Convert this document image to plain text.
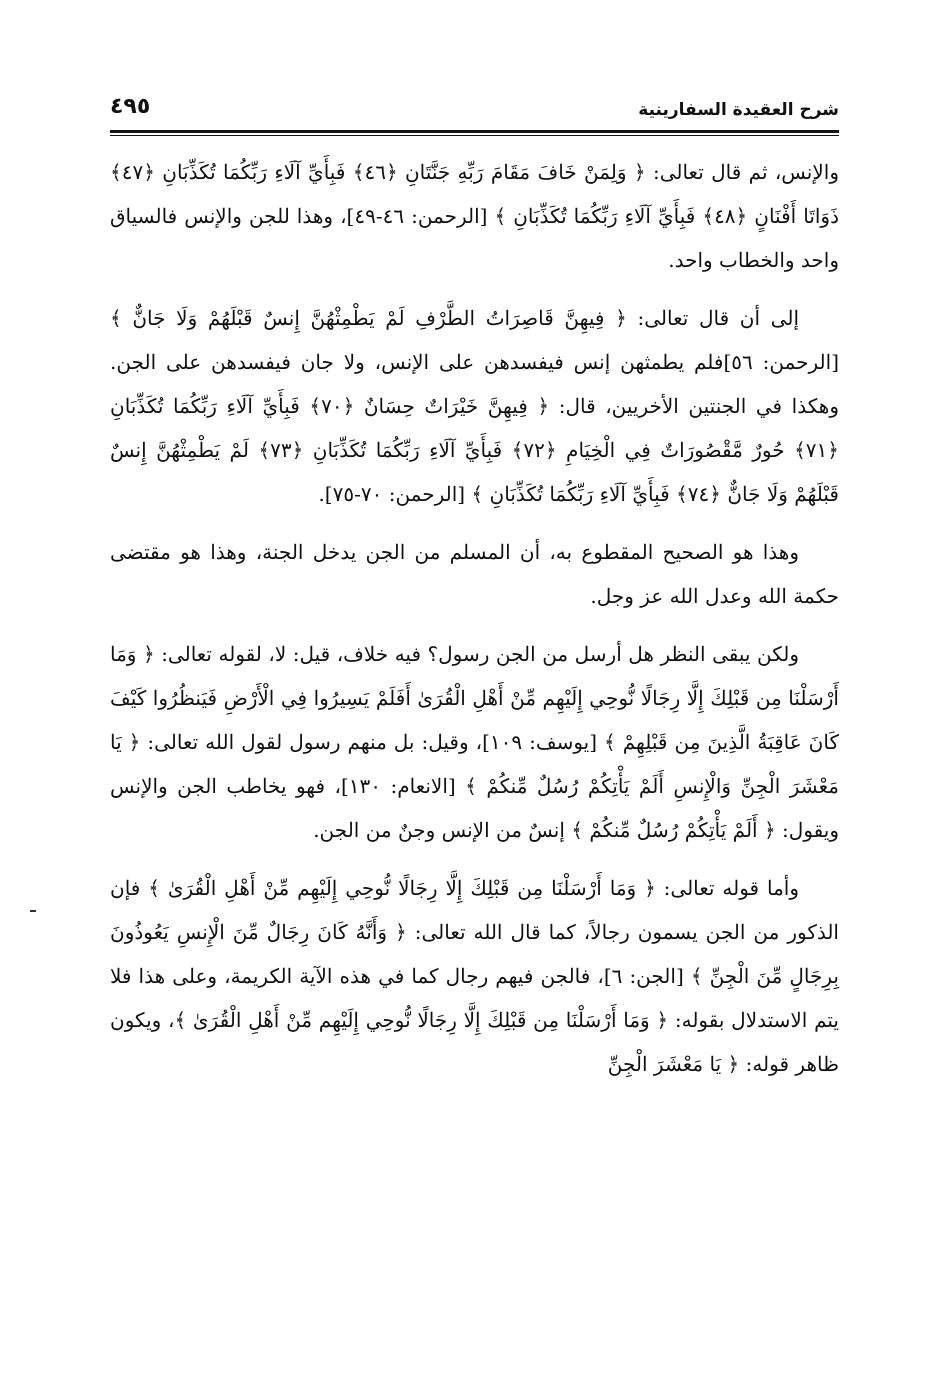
شرح العقيدة السفارينية
٤٩٥

والإنس، ثم قال تعالى: ﴿ وَلِمَنْ خَافَ مَقَامَ رَبِّهِ جَنَّتَانِ ﴿٤٦﴾ فَبِأَيِّ آلَاءِ رَبِّكُمَا تُكَذِّبَانِ ﴿٤٧﴾ ذَوَاتَا أَفْنَانٍ ﴿٤٨﴾ فَبِأَيِّ آلَاءِ رَبِّكُمَا تُكَذِّبَانِ ﴾ [الرحمن: ٤٦-٤٩]، وهذا للجن والإنس فالسياق واحد والخطاب واحد.

إلى أن قال تعالى: ﴿ فِيهِنَّ قَاصِرَاتُ الطَّرْفِ لَمْ يَطْمِثْهُنَّ إِنسٌ قَبْلَهُمْ وَلَا جَانٌّ ﴾ [الرحمن: ٥٦]فلم يطمثهن إنس فيفسدهن على الإنس، ولا جان فيفسدهن على الجن. وهكذا في الجنتين الأخريين، قال: ﴿ فِيهِنَّ خَيْرَاتٌ حِسَانٌ ﴿٧٠﴾ فَبِأَيِّ آلَاءِ رَبِّكُمَا تُكَذِّبَانِ ﴿٧١﴾ حُورٌ مَّقْصُورَاتٌ فِي الْخِيَامِ ﴿٧٢﴾ فَبِأَيِّ آلَاءِ رَبِّكُمَا تُكَذِّبَانِ ﴿٧٣﴾ لَمْ يَطْمِثْهُنَّ إِنسٌ قَبْلَهُمْ وَلَا جَانٌّ ﴿٧٤﴾ فَبِأَيِّ آلَاءِ رَبِّكُمَا تُكَذِّبَانِ ﴾ [الرحمن: ٧٠-٧٥].

وهذا هو الصحيح المقطوع به، أن المسلم من الجن يدخل الجنة، وهذا هو مقتضى حكمة الله وعدل الله عز وجل.

ولكن يبقى النظر هل أرسل من الجن رسول؟ فيه خلاف، قيل: لا، لقوله تعالى: ﴿ وَمَا أَرْسَلْنَا مِن قَبْلِكَ إِلَّا رِجَالًا نُّوحِي إِلَيْهِم مِّنْ أَهْلِ الْقُرَىٰ أَفَلَمْ يَسِيرُوا فِي الْأَرْضِ فَيَنظُرُوا كَيْفَ كَانَ عَاقِبَةُ الَّذِينَ مِن قَبْلِهِمْ ﴾ [يوسف: ١٠٩]، وقيل: بل منهم رسول لقول الله تعالى: ﴿ يَا مَعْشَرَ الْجِنِّ وَالْإِنسِ أَلَمْ يَأْتِكُمْ رُسُلٌ مِّنكُمْ ﴾ [الانعام: ١٣٠]، فهو يخاطب الجن والإنس ويقول: ﴿ أَلَمْ يَأْتِكُمْ رُسُلٌ مِّنكُمْ ﴾ إنسٌ من الإنس وجنٌ من الجن.

وأما قوله تعالى: ﴿ وَمَا أَرْسَلْنَا مِن قَبْلِكَ إِلَّا رِجَالًا نُّوحِي إِلَيْهِم مِّنْ أَهْلِ الْقُرَىٰ ﴾ فإن الذكور من الجن يسمون رجالاً، كما قال الله تعالى: ﴿ وَأَنَّهُ كَانَ رِجَالٌ مِّنَ الْإِنسِ يَعُوذُونَ بِرِجَالٍ مِّنَ الْجِنِّ ﴾ [الجن: ٦]، فالجن فيهم رجال كما في هذه الآية الكريمة، وعلى هذا فلا يتم الاستدلال بقوله: ﴿ وَمَا أَرْسَلْنَا مِن قَبْلِكَ إِلَّا رِجَالًا نُّوحِي إِلَيْهِم مِّنْ أَهْلِ الْقُرَىٰ ﴾، ويكون ظاهر قوله: ﴿ يَا مَعْشَرَ الْجِنِّ
